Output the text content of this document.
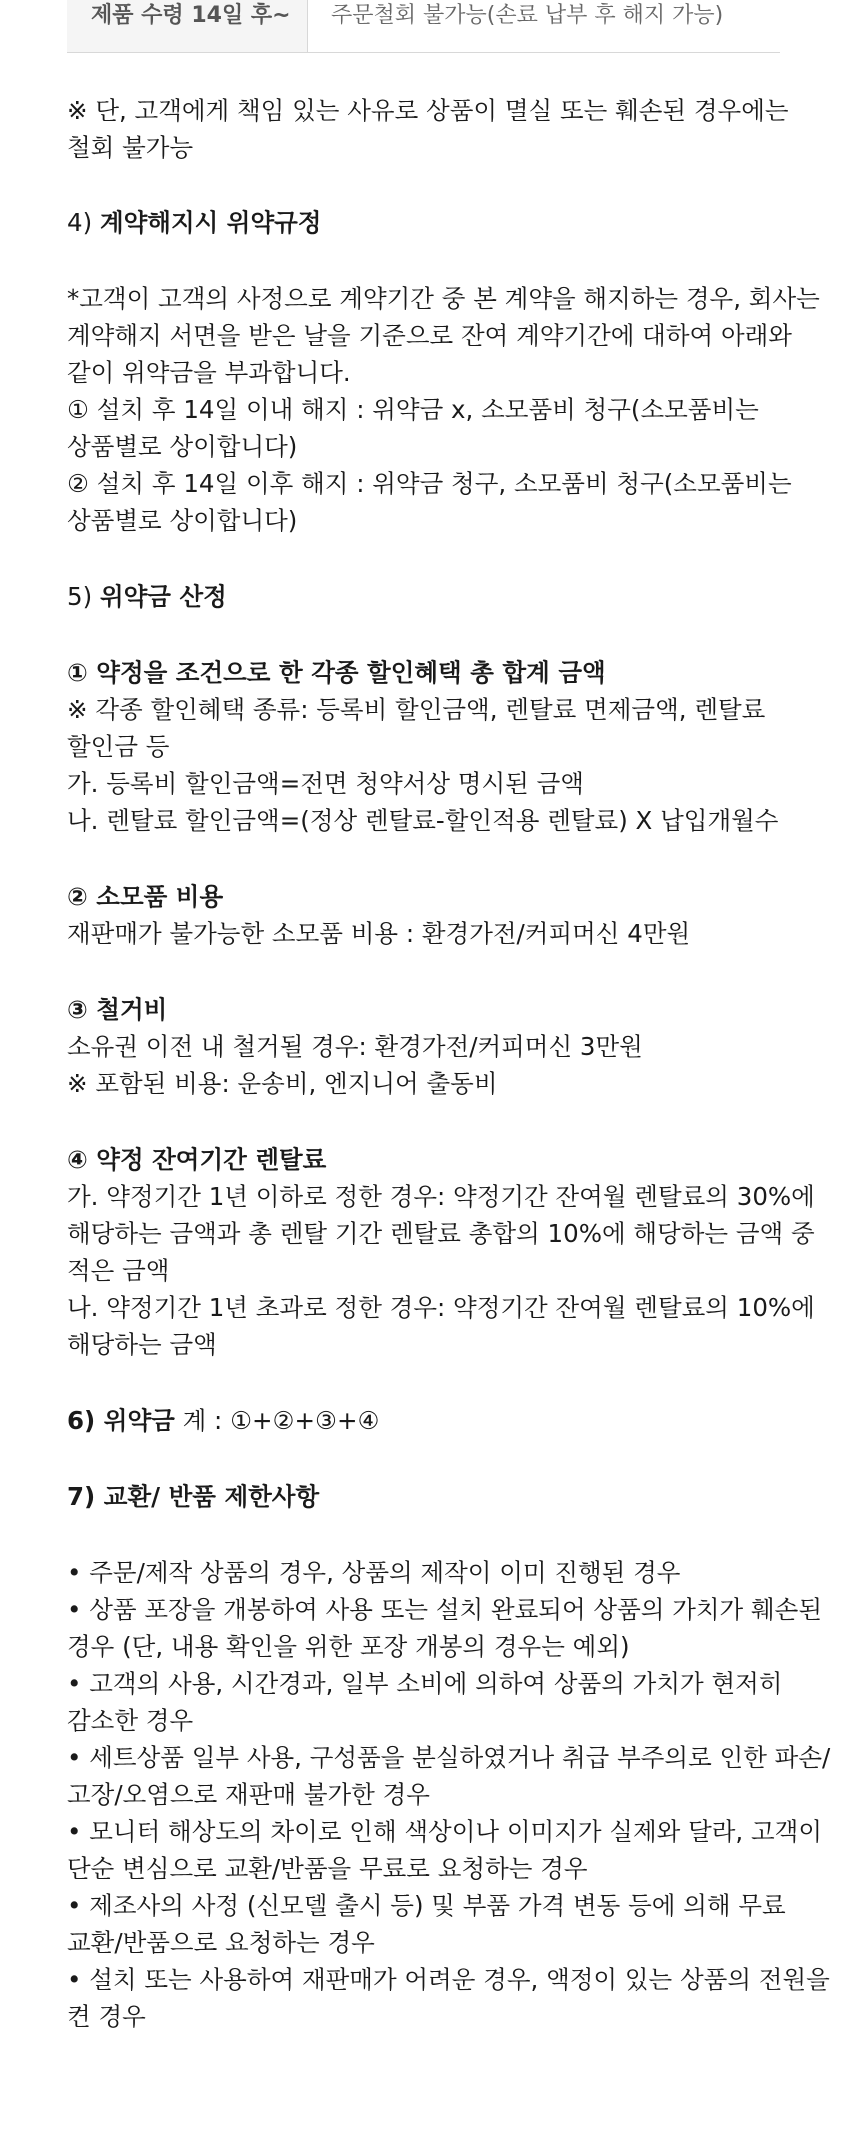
제품 수령 14일 후~ 주문철회 불가능(손료 납부 후 해지 가능)
※ 단, 고객에게 책임 있는 사유로 상품이 멸실 또는 훼손된 경우에는
철회 불가능
4) 계약해지시 위약규정
*고객이 고객의 사정으로 계약기간 중 본 계약을 해지하는 경우, 회사는
계약해지 서면을 받은 날을 기준으로 잔여 계약기간에 대하여 아래와
같이 위약금을 부과합니다.
① 설치 후 14일 이내 해지 : 위약금 x, 소모품비 청구(소모품비는
상품별로 상이합니다)
② 설치 후 14일 이후 해지 : 위약금 청구, 소모품비 청구(소모품비는
상품별로 상이합니다)
5) 위약금 산정
① 약정을 조건으로 한 각종 할인혜택 총 합계 금액
※ 각종 할인혜택 종류: 등록비 할인금액, 렌탈료 면제금액, 렌탈료
할인금 등
가. 등록비 할인금액=전면 청약서상 명시된 금액
나. 렌탈료 할인금액=(정상 렌탈료-할인적용 렌탈료) X 납입개월수
② 소모품 비용
재판매가 불가능한 소모품 비용 : 환경가전/커피머신 4만원
③ 철거비
소유권 이전 내 철거될 경우: 환경가전/커피머신 3만원
※ 포함된 비용: 운송비, 엔지니어 출동비
④ 약정 잔여기간 렌탈료
가. 약정기간 1년 이하로 정한 경우: 약정기간 잔여월 렌탈료의 30%에
해당하는 금액과 총 렌탈 기간 렌탈료 총합의 10%에 해당하는 금액 중
적은 금액
나. 약정기간 1년 초과로 정한 경우: 약정기간 잔여월 렌탈료의 10%에
해당하는 금액
6) 위약금 계 : ①+②+③+④
7) 교환/ 반품 제한사항
• 주문/제작 상품의 경우, 상품의 제작이 이미 진행된 경우
• 상품 포장을 개봉하여 사용 또는 설치 완료되어 상품의 가치가 훼손된
경우 (단, 내용 확인을 위한 포장 개봉의 경우는 예외)
• 고객의 사용, 시간경과, 일부 소비에 의하여 상품의 가치가 현저히
감소한 경우
• 세트상품 일부 사용, 구성품을 분실하였거나 취급 부주의로 인한 파손/
고장/오염으로 재판매 불가한 경우
• 모니터 해상도의 차이로 인해 색상이나 이미지가 실제와 달라, 고객이
단순 변심으로 교환/반품을 무료로 요청하는 경우
• 제조사의 사정 (신모델 출시 등) 및 부품 가격 변동 등에 의해 무료
교환/반품으로 요청하는 경우
• 설치 또는 사용하여 재판매가 어려운 경우, 액정이 있는 상품의 전원을
켠 경우
